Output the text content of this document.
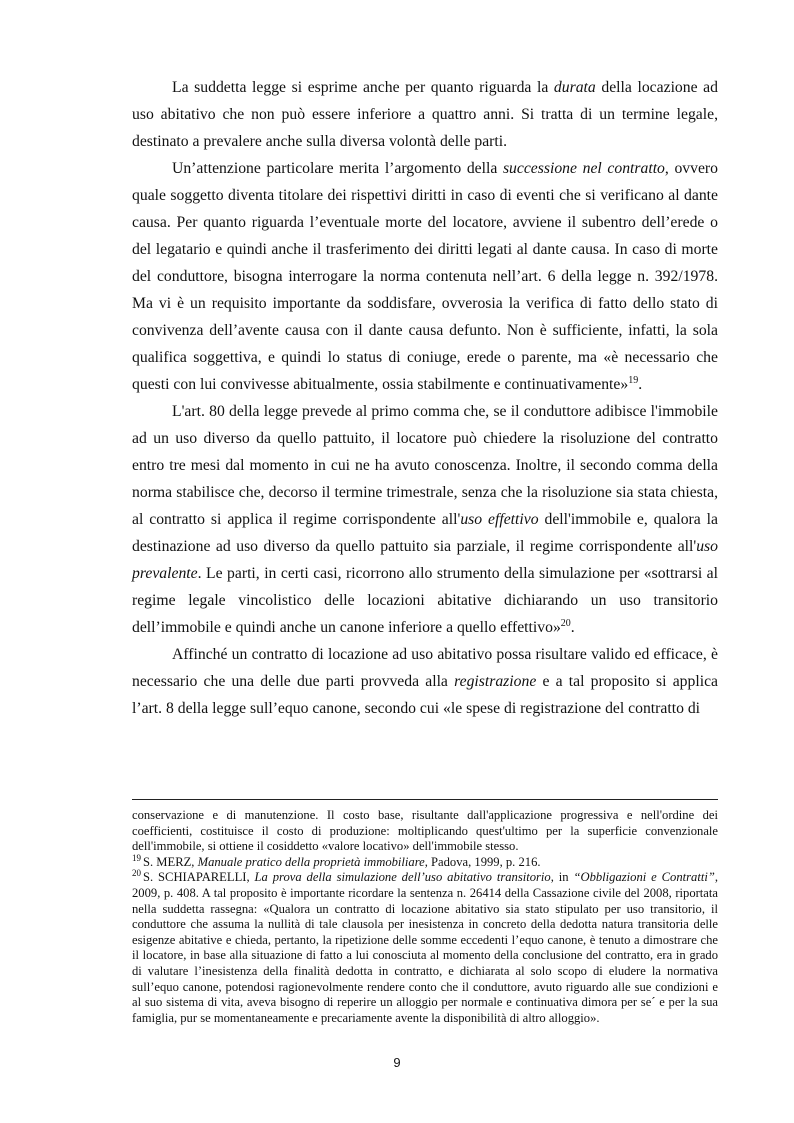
La suddetta legge si esprime anche per quanto riguarda la durata della locazione ad uso abitativo che non può essere inferiore a quattro anni. Si tratta di un termine legale, destinato a prevalere anche sulla diversa volontà delle parti.

Un’attenzione particolare merita l’argomento della successione nel contratto, ovvero quale soggetto diventa titolare dei rispettivi diritti in caso di eventi che si verificano al dante causa. Per quanto riguarda l’eventuale morte del locatore, avviene il subentro dell’erede o del legatario e quindi anche il trasferimento dei diritti legati al dante causa. In caso di morte del conduttore, bisogna interrogare la norma contenuta nell’art. 6 della legge n. 392/1978. Ma vi è un requisito importante da soddisfare, ovverosia la verifica di fatto dello stato di convivenza dell’avente causa con il dante causa defunto. Non è sufficiente, infatti, la sola qualifica soggettiva, e quindi lo status di coniuge, erede o parente, ma «è necessario che questi con lui convivesse abitualmente, ossia stabilmente e continuativamente»$^{19}$.

L'art. 80 della legge prevede al primo comma che, se il conduttore adibisce l'immobile ad un uso diverso da quello pattuito, il locatore può chiedere la risoluzione del contratto entro tre mesi dal momento in cui ne ha avuto conoscenza. Inoltre, il secondo comma della norma stabilisce che, decorso il termine trimestrale, senza che la risoluzione sia stata chiesta, al contratto si applica il regime corrispondente all'uso effettivo dell'immobile e, qualora la destinazione ad uso diverso da quello pattuito sia parziale, il regime corrispondente all'uso prevalente. Le parti, in certi casi, ricorrono allo strumento della simulazione per «sottrarsi al regime legale vincolistico delle locazioni abitative dichiarando un uso transitorio dell’immobile e quindi anche un canone inferiore a quello effettivo»$^{20}$.

Affinché un contratto di locazione ad uso abitativo possa risultare valido ed efficace, è necessario che una delle due parti provveda alla registrazione e a tal proposito si applica l’art. 8 della legge sull’equo canone, secondo cui «le spese di registrazione del contratto di

conservazione e di manutenzione. Il costo base, risultante dall'applicazione progressiva e nell'ordine dei coefficienti, costituisce il costo di produzione: moltiplicando quest'ultimo per la superficie convenzionale dell'immobile, si ottiene il cosiddetto «valore locativo» dell'immobile stesso.

$^{19}$ S. MERZ, Manuale pratico della proprietà immobiliare, Padova, 1999, p. 216.

$^{20}$ S. SCHIAPARELLI, La prova della simulazione dell’uso abitativo transitorio, in “Obbligazioni e Contratti”, 2009, p. 408. A tal proposito è importante ricordare la sentenza n. 26414 della Cassazione civile del 2008, riportata nella suddetta rassegna: «Qualora un contratto di locazione abitativo sia stato stipulato per uso transitorio, il conduttore che assuma la nullità di tale clausola per inesistenza in concreto della dedotta natura transitoria delle esigenze abitative e chieda, pertanto, la ripetizione delle somme eccedenti l’equo canone, è tenuto a dimostrare che il locatore, in base alla situazione di fatto a lui conosciuta al momento della conclusione del contratto, era in grado di valutare l’inesistenza della finalità dedotta in contratto, e dichiarata al solo scopo di eludere la normativa sull’equo canone, potendosi ragionevolmente rendere conto che il conduttore, avuto riguardo alle sue condizioni e al suo sistema di vita, aveva bisogno di reperire un alloggio per normale e continuativa dimora per se´ e per la sua famiglia, pur se momentaneamente e precariamente avente la disponibilità di altro alloggio».

9
